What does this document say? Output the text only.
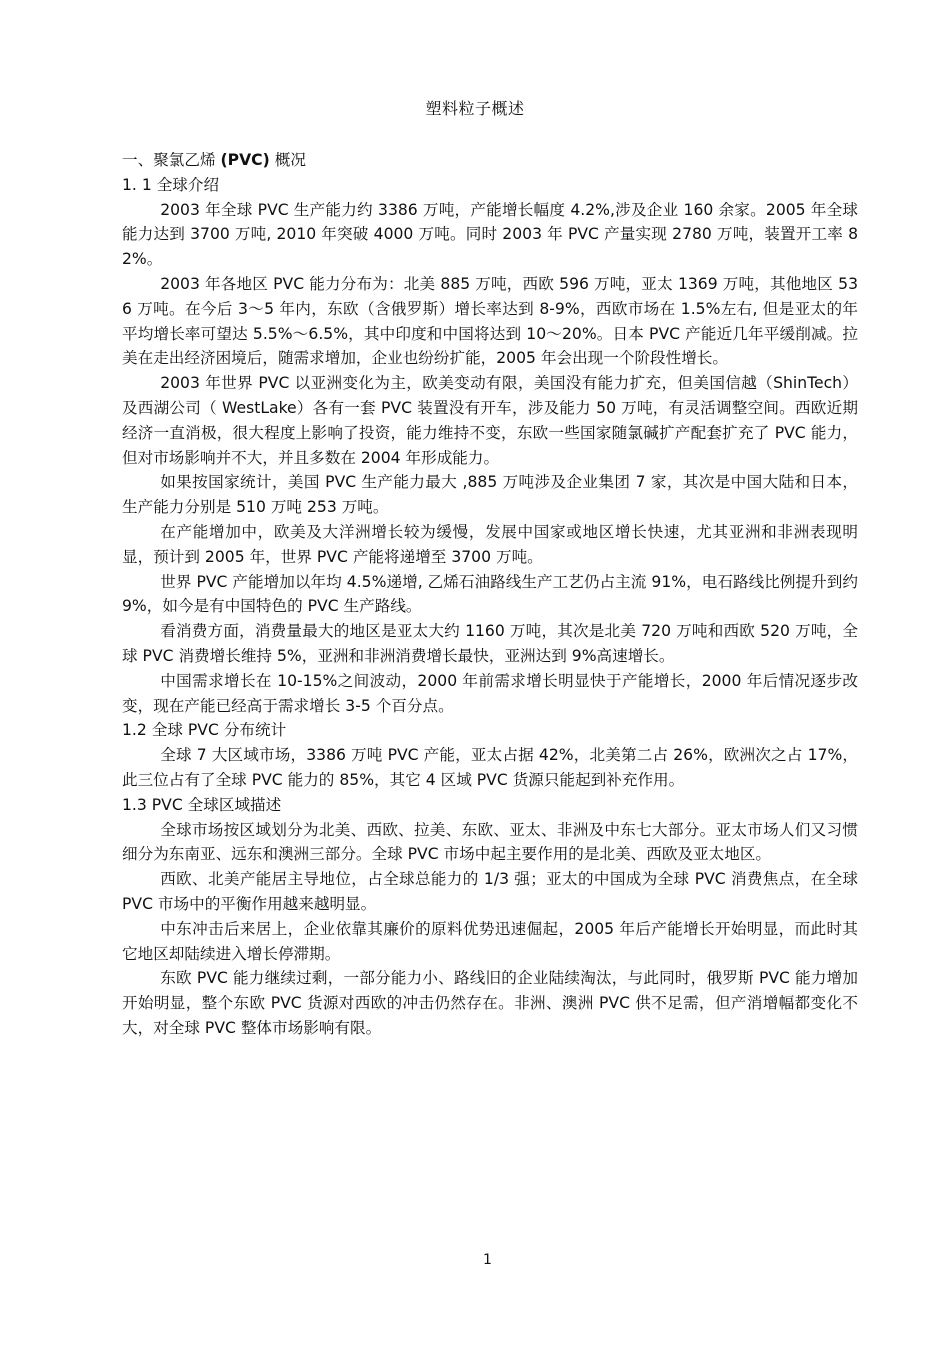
塑料粒子概述

一、聚氯乙烯 (PVC) 概况

1. 1 全球介绍

2003 年全球 PVC 生产能力约 3386 万吨，产能增长幅度 4.2%,涉及企业 160 余家。2005 年全球能力达到 3700 万吨, 2010 年突破 4000 万吨。同时 2003 年 PVC 产量实现 2780 万吨，装置开工率 82%。

2003 年各地区 PVC 能力分布为：北美 885 万吨，西欧 596 万吨，亚太 1369 万吨，其他地区 536 万吨。在今后 3～5 年内，东欧（含俄罗斯）增长率达到 8-9%，西欧市场在 1.5%左右, 但是亚太的年平均增长率可望达 5.5%～6.5%，其中印度和中国将达到 10～20%。日本 PVC 产能近几年平缓削减。拉美在走出经济困境后，随需求增加，企业也纷纷扩能，2005 年会出现一个阶段性增长。

2003 年世界 PVC 以亚洲变化为主，欧美变动有限，美国没有能力扩充，但美国信越（ShinTech）及西湖公司（ WestLake）各有一套 PVC 装置没有开车，涉及能力 50 万吨，有灵活调整空间。西欧近期经济一直消极，很大程度上影响了投资，能力维持不变，东欧一些国家随氯碱扩产配套扩充了 PVC 能力，但对市场影响并不大，并且多数在 2004 年形成能力。

如果按国家统计，美国 PVC 生产能力最大 ,885 万吨涉及企业集团 7 家，其次是中国大陆和日本，生产能力分别是 510 万吨 253 万吨。

在产能增加中，欧美及大洋洲增长较为缓慢，发展中国家或地区增长快速，尤其亚洲和非洲表现明显，预计到 2005 年，世界 PVC 产能将递增至 3700 万吨。

世界 PVC 产能增加以年均 4.5%递增, 乙烯石油路线生产工艺仍占主流 91%，电石路线比例提升到约 9%，如今是有中国特色的 PVC 生产路线。

看消费方面，消费量最大的地区是亚太大约 1160 万吨，其次是北美 720 万吨和西欧 520 万吨，全球 PVC 消费增长维持 5%，亚洲和非洲消费增长最快，亚洲达到 9%高速增长。

中国需求增长在 10-15%之间波动，2000 年前需求增长明显快于产能增长，2000 年后情况逐步改变，现在产能已经高于需求增长 3-5 个百分点。

1.2 全球 PVC 分布统计

全球 7 大区域市场，3386 万吨 PVC 产能，亚太占据 42%，北美第二占 26%，欧洲次之占 17%，此三位占有了全球 PVC 能力的 85%，其它 4 区域 PVC 货源只能起到补充作用。

1.3 PVC 全球区域描述

全球市场按区域划分为北美、西欧、拉美、东欧、亚太、非洲及中东七大部分。亚太市场人们又习惯细分为东南亚、远东和澳洲三部分。全球 PVC 市场中起主要作用的是北美、西欧及亚太地区。

西欧、北美产能居主导地位，占全球总能力的 1/3 强；亚太的中国成为全球 PVC 消费焦点，在全球 PVC 市场中的平衡作用越来越明显。

中东冲击后来居上，企业依靠其廉价的原料优势迅速倔起，2005 年后产能增长开始明显，而此时其它地区却陆续进入增长停滞期。

东欧 PVC 能力继续过剩，一部分能力小、路线旧的企业陆续淘汰，与此同时，俄罗斯 PVC 能力增加开始明显，整个东欧 PVC 货源对西欧的冲击仍然存在。非洲、澳洲 PVC 供不足需，但产消增幅都变化不大，对全球 PVC 整体市场影响有限。

1
